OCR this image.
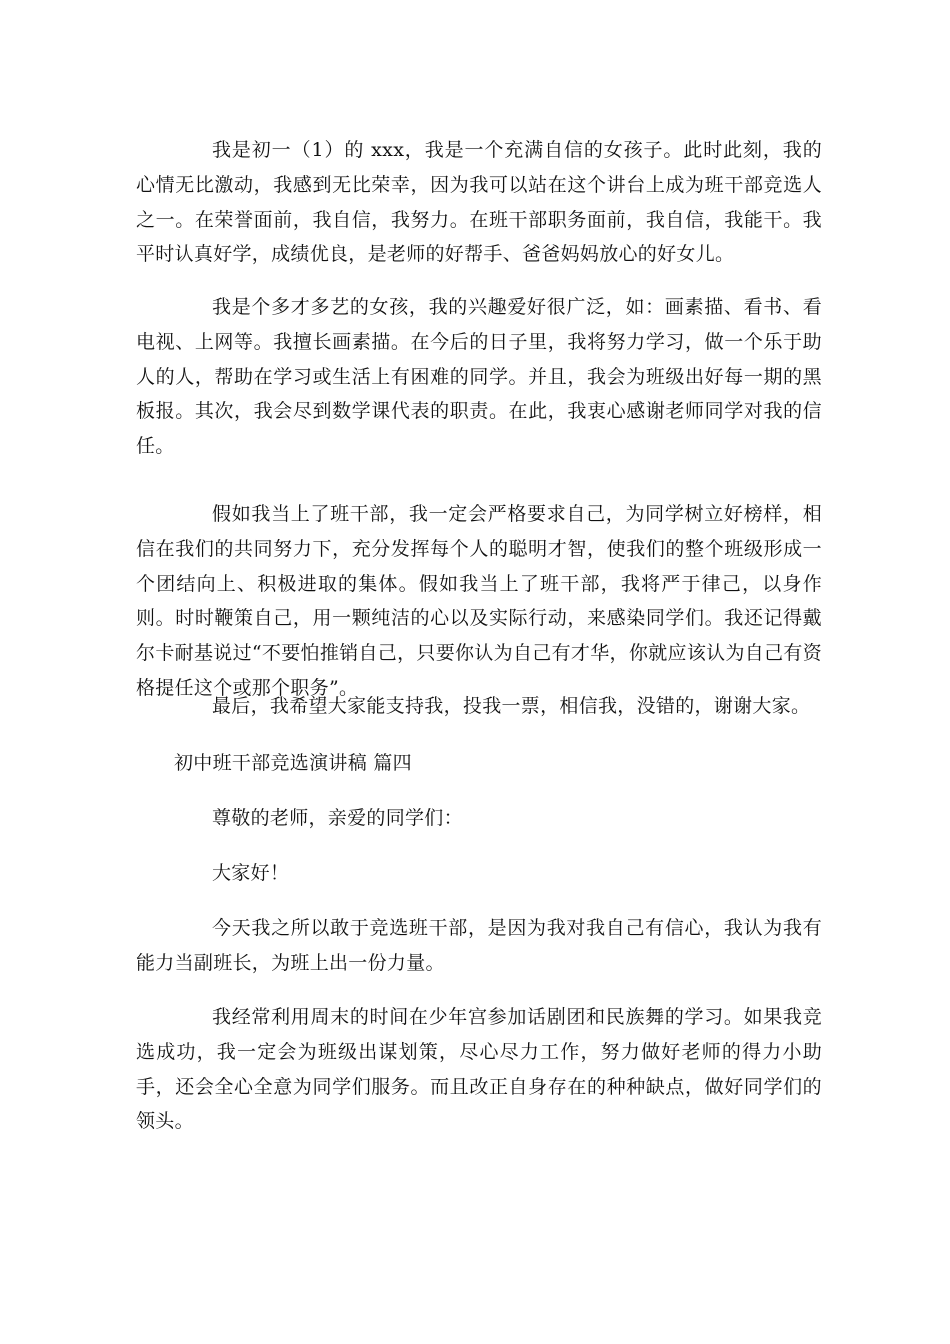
我是初一（1）的 xxx，我是一个充满自信的女孩子。此时此刻，我的心情无比激动，我感到无比荣幸，因为我可以站在这个讲台上成为班干部竞选人之一。在荣誉面前，我自信，我努力。在班干部职务面前，我自信，我能干。我平时认真好学，成绩优良，是老师的好帮手、爸爸妈妈放心的好女儿。

我是个多才多艺的女孩，我的兴趣爱好很广泛，如：画素描、看书、看电视、上网等。我擅长画素描。在今后的日子里，我将努力学习，做一个乐于助人的人，帮助在学习或生活上有困难的同学。并且，我会为班级出好每一期的黑板报。其次，我会尽到数学课代表的职责。在此，我衷心感谢老师同学对我的信任。

假如我当上了班干部，我一定会严格要求自己，为同学树立好榜样，相信在我们的共同努力下，充分发挥每个人的聪明才智，使我们的整个班级形成一个团结向上、积极进取的集体。假如我当上了班干部，我将严于律己，以身作则。时时鞭策自己，用一颗纯洁的心以及实际行动，来感染同学们。我还记得戴尔卡耐基说过“不要怕推销自己，只要你认为自己有才华，你就应该认为自己有资格提任这个或那个职务”。

最后，我希望大家能支持我，投我一票，相信我，没错的，谢谢大家。

初中班干部竞选演讲稿 篇四

尊敬的老师，亲爱的同学们：

大家好！

今天我之所以敢于竞选班干部，是因为我对我自己有信心，我认为我有能力当副班长，为班上出一份力量。

我经常利用周末的时间在少年宫参加话剧团和民族舞的学习。如果我竞选成功，我一定会为班级出谋划策，尽心尽力工作，努力做好老师的得力小助手，还会全心全意为同学们服务。而且改正自身存在的种种缺点，做好同学们的领头。
